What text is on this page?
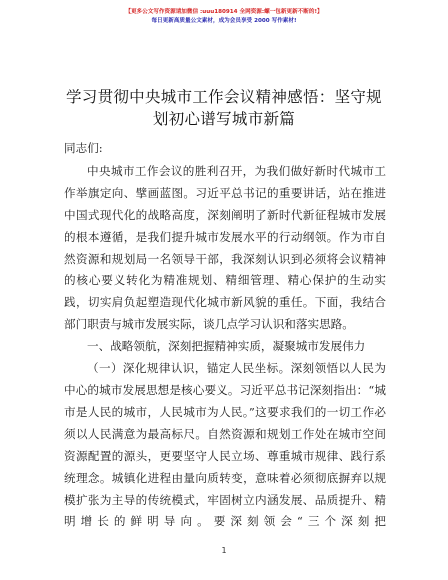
【更多公文写作资源请加微信 :uuu180914 全网资源:螺一包新更新不断的!】
每日更新高质量公文素材，成为会员享受 2000 写作素材!
学习贯彻中央城市工作会议精神感悟：坚守规
划初心谱写城市新篇

同志们:

中央城市工作会议的胜利召开，为我们做好新时代城市工作举旗定向、擘画蓝图。习近平总书记的重要讲话，站在推进中国式现代化的战略高度，深刻阐明了新时代新征程城市发展的根本遵循，是我们提升城市发展水平的行动纲领。作为市自然资源和规划局一名领导干部，我深刻认识到必须将会议精神的核心要义转化为精准规划、精细管理、精心保护的生动实践，切实肩负起塑造现代化城市新风貌的重任。下面，我结合部门职责与城市发展实际，谈几点学习认识和落实思路。

一、战略领航，深刻把握精神实质，凝聚城市发展伟力

（一）深化规律认识，锚定人民坐标。深刻领悟以人民为中心的城市发展思想是核心要义。习近平总书记深刻指出：“城市是人民的城市，人民城市为人民。”这要求我们的一切工作必须以人民满意为最高标尺。自然资源和规划工作处在城市空间资源配置的源头，更要坚守人民立场、尊重城市规律、践行系统理念。城镇化进程由量向质转变，意味着必须彻底摒弃以规模扩张为主导的传统模式，牢固树立内涵发展、品质提升、精明增长的鲜明导向。要深刻领会“三个深刻把

1
